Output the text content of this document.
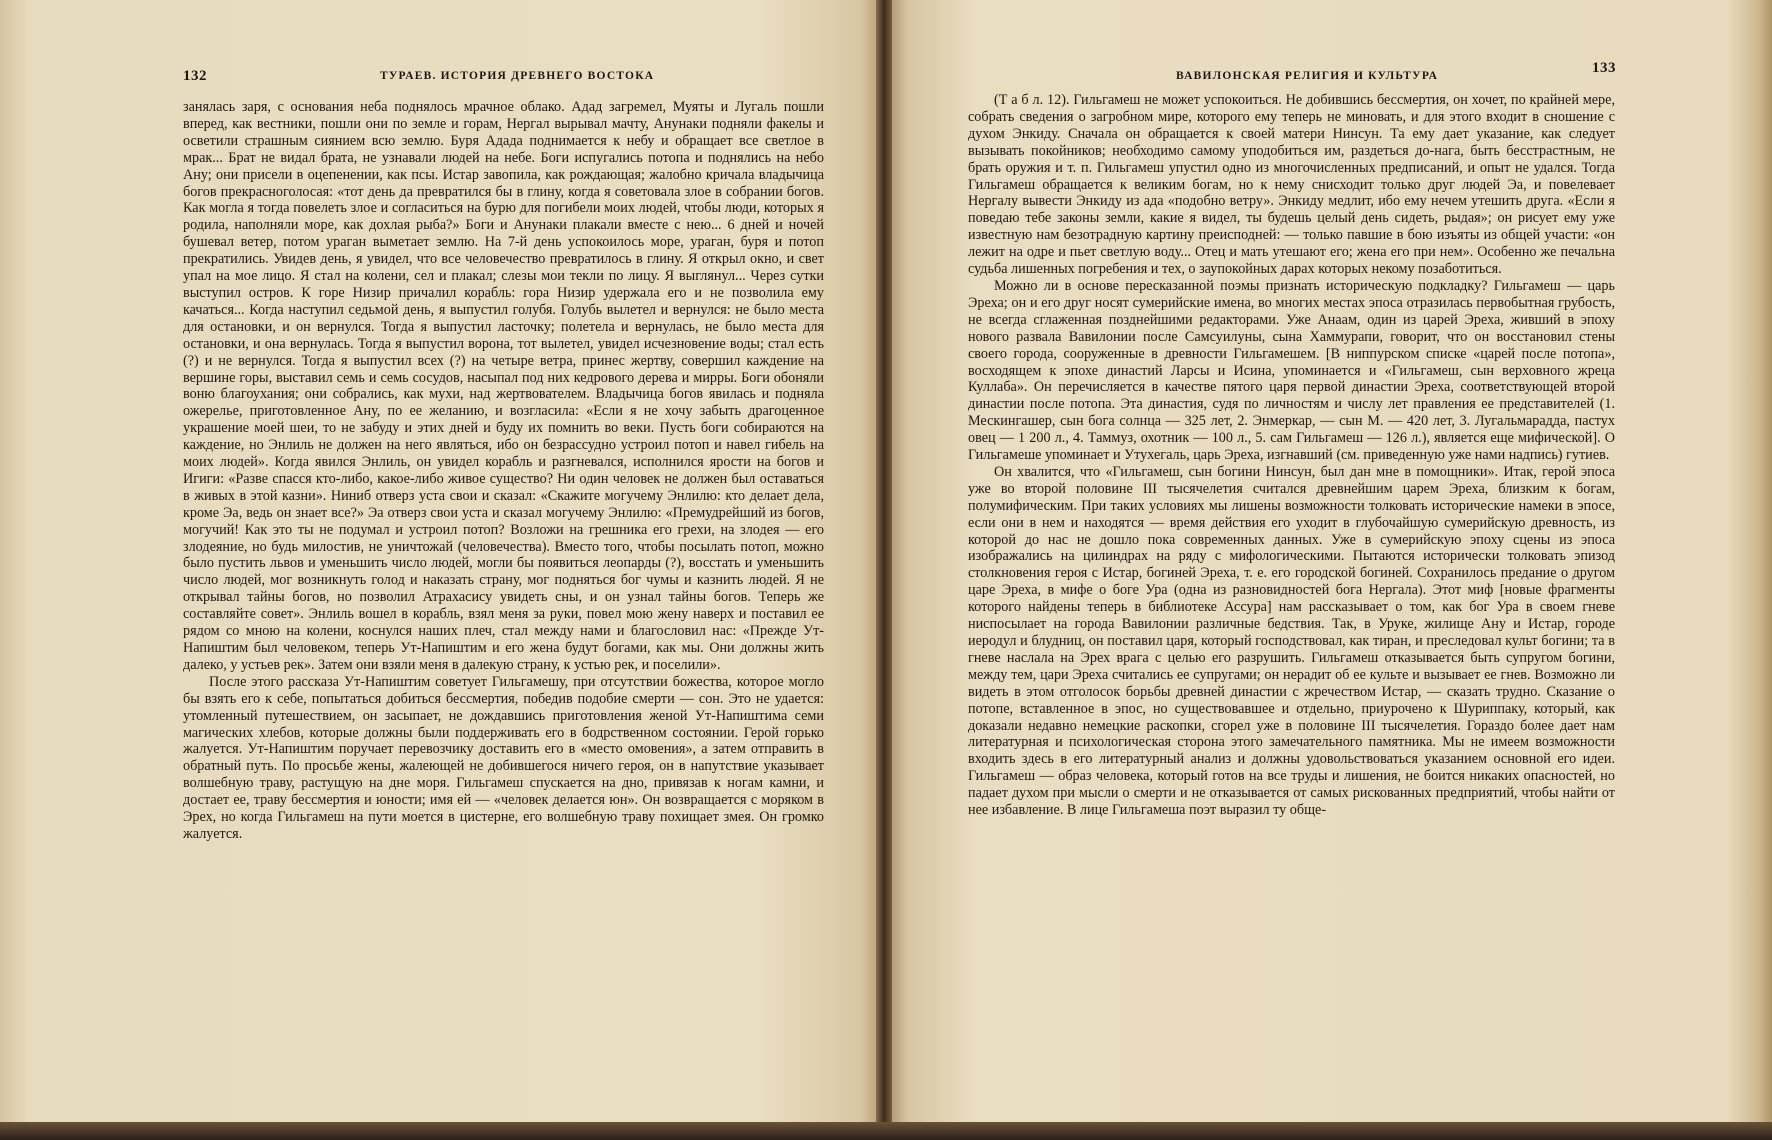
132	ТУРАЕВ. ИСТОРИЯ ДРЕВНЕГО ВОСТОКА

занялась заря, с основания неба поднялось мрачное облако. Адад загремел, Муяты и Лугаль пошли вперед, как вестники, пошли они по земле и горам, Нергал вырывал мачту, Анунаки подняли факелы и осветили страшным сиянием всю землю. Буря Адада поднимается к небу и обращает все светлое в мрак... Брат не видал брата, не узнавали людей на небе. Боги испугались потопа и поднялись на небо Ану; они присели в оцепенении, как псы. Истар завопила, как рождающая; жалобно кричала владычица богов прекрасноголосая: «тот день да превратился бы в глину, когда я советовала злое в собрании богов. Как могла я тогда повелеть злое и согласиться на бурю для погибели моих людей, чтобы люди, которых я родила, наполняли море, как дохлая рыба?» Боги и Анунаки плакали вместе с нею... 6 дней и ночей бушевал ветер, потом ураган выметает землю. На 7-й день успокоилось море, ураган, буря и потоп прекратились. Увидев день, я увидел, что все человечество превратилось в глину. Я открыл окно, и свет упал на мое лицо. Я стал на колени, сел и плакал; слезы мои текли по лицу. Я выглянул... Через сутки выступил остров. К горе Низир причалил корабль: гора Низир удержала его и не позволила ему качаться... Когда наступил седьмой день, я выпустил голубя. Голубь вылетел и вернулся: не было места для остановки, и он вернулся. Тогда я выпустил ласточку; полетела и вернулась, не было места для остановки, и она вернулась. Тогда я выпустил ворона, тот вылетел, увидел исчезновение воды; стал есть (?) и не вернулся. Тогда я выпустил всех (?) на четыре ветра, принес жертву, совершил каждение на вершине горы, выставил семь и семь сосудов, насыпал под них кедрового дерева и мирры. Боги обоняли воню благоухания; они собрались, как мухи, над жертвователем. Владычица богов явилась и подняла ожерелье, приготовленное Ану, по ее желанию, и возгласила: «Если я не хочу забыть драгоценное украшение моей шеи, то не забуду и этих дней и буду их помнить во веки. Пусть боги собираются на каждение, но Энлиль не должен на него являться, ибо он безрассудно устроил потоп и навел гибель на моих людей». Когда явился Энлиль, он увидел корабль и разгневался, исполнился ярости на богов и Игиги: «Разве спасся кто-либо, какое-либо живое существо? Ни один человек не должен был оставаться в живых в этой казни». Ниниб отверз уста свои и сказал: «Скажите могучему Энлилю: кто делает дела, кроме Эа, ведь он знает все?» Эа отверз свои уста и сказал могучему Энлилю: «Премудрейший из богов, могучий! Как это ты не подумал и устроил потоп? Возложи на грешника его грехи, на злодея — его злодеяние, но будь милостив, не уничтожай (человечества). Вместо того, чтобы посылать потоп, можно было пустить львов и уменьшить число людей, могли бы появиться леопарды (?), восстать и уменьшить число людей, мог возникнуть голод и наказать страну, мог подняться бог чумы и казнить людей. Я не открывал тайны богов, но позволил Атрахасису увидеть сны, и он узнал тайны богов. Теперь же составляйте совет». Энлиль вошел в корабль, взял меня за руки, повел мою жену наверх и поставил ее рядом со мною на колени, коснулся наших плеч, стал между нами и благословил нас: «Прежде Ут-Напиштим был человеком, теперь Ут-Напиштим и его жена будут богами, как мы. Они должны жить далеко, у устьев рек». Затем они взяли меня в далекую страну, к устью рек, и поселили».

После этого рассказа Ут-Напиштим советует Гильгамешу, при отсутствии божества, которое могло бы взять его к себе, попытаться добиться бессмертия, победив подобие смерти — сон. Это не удается: утомленный путешествием, он засыпает, не дождавшись приготовления женой Ут-Напиштима семи магических хлебов, которые должны были поддерживать его в бодрственном состоянии. Герой горько жалуется. Ут-Напиштим поручает перевозчику доставить его в «место омовения», а затем отправить в обратный путь. По просьбе жены, жалеющей не добившегося ничего героя, он в напутствие указывает волшебную траву, растущую на дне моря. Гильгамеш спускается на дно, привязав к ногам камни, и достает ее, траву бессмертия и юности; имя ей — «человек делается юн». Он возвращается с моряком в Эрех, но когда Гильгамеш на пути моется в цистерне, его волшебную траву похищает змея. Он громко жалуется.

ВАВИЛОНСКАЯ РЕЛИГИЯ И КУЛЬТУРА	133

(Т а б л. 12). Гильгамеш не может успокоиться. Не добившись бессмертия, он хочет, по крайней мере, собрать сведения о загробном мире, которого ему теперь не миновать, и для этого входит в сношение с духом Энкиду. Сначала он обращается к своей матери Нинсун. Та ему дает указание, как следует вызывать покойников; необходимо самому уподобиться им, раздеться до-нага, быть бесстрастным, не брать оружия и т. п. Гильгамеш упустил одно из многочисленных предписаний, и опыт не удался. Тогда Гильгамеш обращается к великим богам, но к нему снисходит только друг людей Эа, и повелевает Нергалу вывести Энкиду из ада «подобно ветру». Энкиду медлит, ибо ему нечем утешить друга. «Если я поведаю тебе законы земли, какие я видел, ты будешь целый день сидеть, рыдая»; он рисует ему уже известную нам безотрадную картину преисподней: — только павшие в бою изъяты из общей участи: «он лежит на одре и пьет светлую воду... Отец и мать утешают его; жена его при нем». Особенно же печальна судьба лишенных погребения и тех, о заупокойных дарах которых некому позаботиться.

Можно ли в основе пересказанной поэмы признать историческую подкладку? Гильгамеш — царь Эреха; он и его друг носят сумерийские имена, во многих местах эпоса отразилась первобытная грубость, не всегда сглаженная позднейшими редакторами. Уже Анаам, один из царей Эреха, живший в эпоху нового развала Вавилонии после Самсуилуны, сына Хаммурапи, говорит, что он восстановил стены своего города, сооруженные в древности Гильгамешем. [В ниппурском списке «царей после потопа», восходящем к эпохе династий Ларсы и Исина, упоминается и «Гильгамеш, сын верховного жреца Куллаба». Он перечисляется в качестве пятого царя первой династии Эреха, соответствующей второй династии после потопа. Эта династия, судя по личностям и числу лет правления ее представителей (1. Мескингашер, сын бога солнца — 325 лет, 2. Энмеркар, — сын М. — 420 лет, 3. Лугальмарадда, пастух овец — 1 200 л., 4. Таммуз, охотник — 100 л., 5. сам Гильгамеш — 126 л.), является еще мифической]. О Гильгамеше упоминает и Утухегаль, царь Эреха, изгнавший (см. приведенную уже нами надпись) гутиев.

Он хвалится, что «Гильгамеш, сын богини Нинсун, был дан мне в помощники». Итак, герой эпоса уже во второй половине III тысячелетия считался древнейшим царем Эреха, близким к богам, полумифическим. При таких условиях мы лишены возможности толковать исторические намеки в эпосе, если они в нем и находятся — время действия его уходит в глубочайшую сумерийскую древность, из которой до нас не дошло пока современных данных. Уже в сумерийскую эпоху сцены из эпоса изображались на цилиндрах на ряду с мифологическими. Пытаются исторически толковать эпизод столкновения героя с Истар, богиней Эреха, т. е. его городской богиней. Сохранилось предание о другом царе Эреха, в мифе о боге Ура (одна из разновидностей бога Нергала). Этот миф [новые фрагменты которого найдены теперь в библиотеке Ассура] нам рассказывает о том, как бог Ура в своем гневе ниспосылает на города Вавилонии различные бедствия. Так, в Уруке, жилище Ану и Истар, городе иеродул и блудниц, он поставил царя, который господствовал, как тиран, и преследовал культ богини; та в гневе наслала на Эрех врага с целью его разрушить. Гильгамеш отказывается быть супругом богини, между тем, цари Эреха считались ее супругами; он нерадит об ее культе и вызывает ее гнев. Возможно ли видеть в этом отголосок борьбы древней династии с жречеством Истар, — сказать трудно. Сказание о потопе, вставленное в эпос, но существовавшее и отдельно, приурочено к Шуриппаку, который, как доказали недавно немецкие раскопки, сгорел уже в половине III тысячелетия. Гораздо более дает нам литературная и психологическая сторона этого замечательного памятника. Мы не имеем возможности входить здесь в его литературный анализ и должны удовольствоваться указанием основной его идеи. Гильгамеш — образ человека, который готов на все труды и лишения, не боится никаких опасностей, но падает духом при мысли о смерти и не отказывается от самых рискованных предприятий, чтобы найти от нее избавление. В лице Гильгамеша поэт выразил ту обще-
